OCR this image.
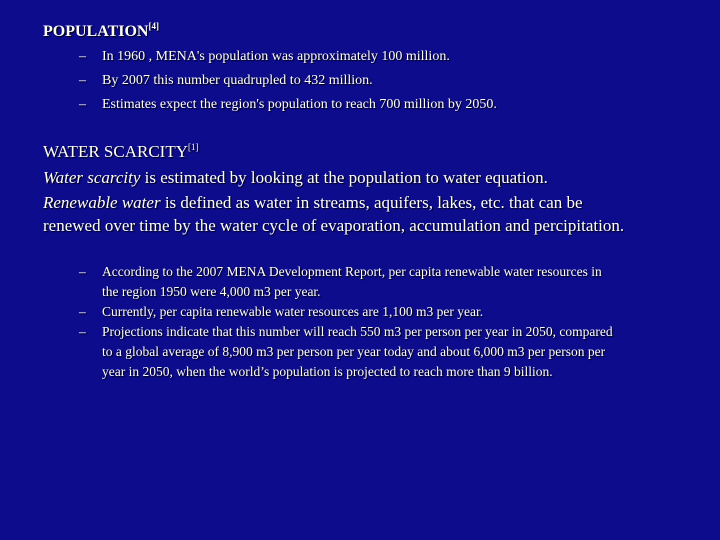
POPULATION[4]
– In 1960 , MENA's population was approximately 100 million.
– By 2007 this number quadrupled to 432 million.
– Estimates expect the region's population to reach 700 million by 2050.
WATER SCARCITY[1]

Water scarcity is estimated by looking at the population to water equation.

Renewable water is defined as water in streams, aquifers, lakes, etc. that can be renewed over time by the water cycle of evaporation, accumulation and percipitation.

– According to the 2007 MENA Development Report, per capita renewable water resources in the region 1950 were 4,000 m3 per year.
– Currently, per capita renewable water resources are 1,100 m3 per year.
– Projections indicate that this number will reach 550 m3 per person per year in 2050, compared to a global average of 8,900 m3 per person per year today and about 6,000 m3 per person per year in 2050, when the world’s population is projected to reach more than 9 billion.
